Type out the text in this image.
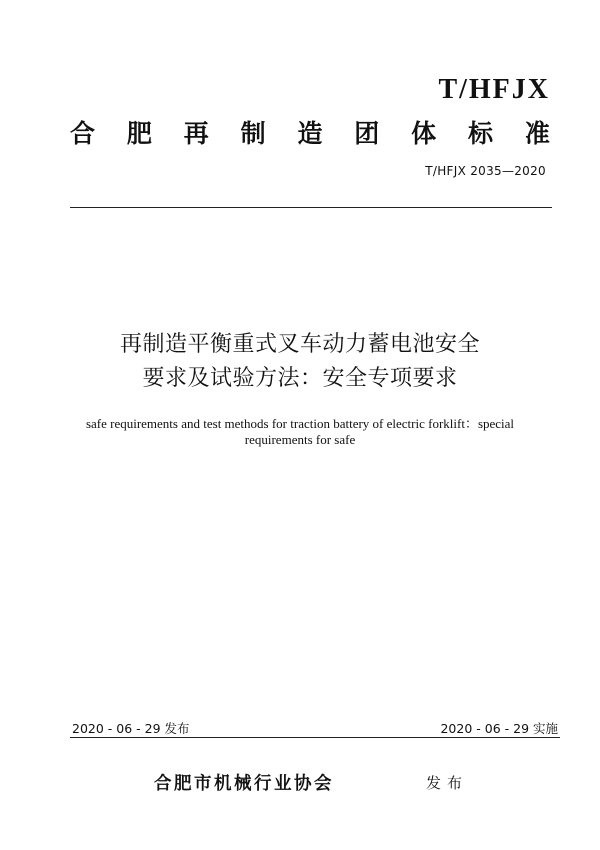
T/HFJX
合 肥 再 制 造 团 体 标 准
T/HFJX 2035—2020
再制造平衡重式叉车动力蓄电池安全
要求及试验方法：安全专项要求
safe requirements and test methods for traction battery of electric forklift：special
requirements for safe
2020 - 06 - 29 发布	2020 - 06 - 29 实施
合肥市机械行业协会	发布
